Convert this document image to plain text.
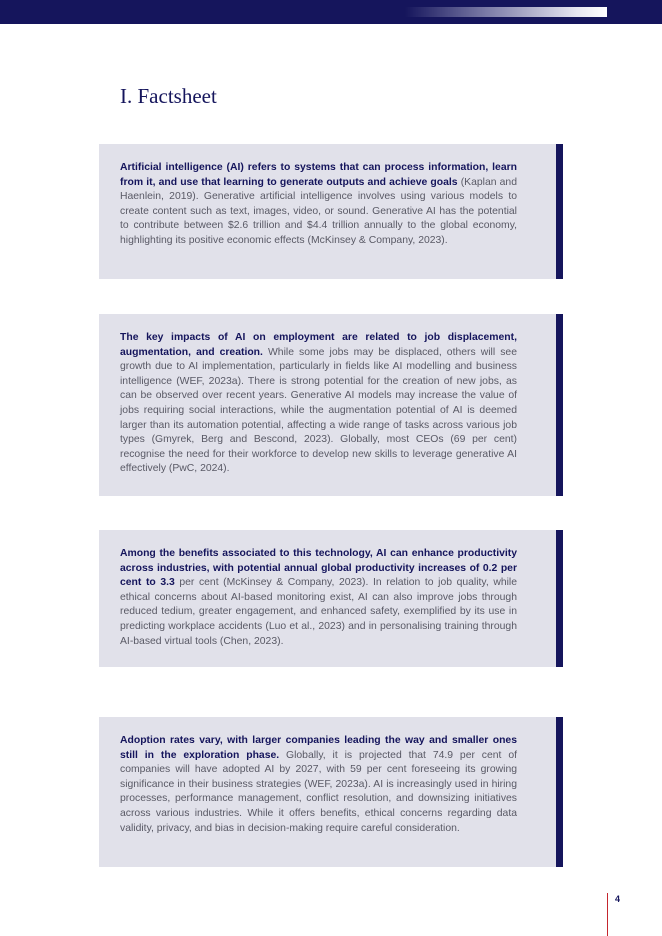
I. Factsheet

Artificial intelligence (AI) refers to systems that can process information, learn from it, and use that learning to generate outputs and achieve goals (Kaplan and Haenlein, 2019). Generative artificial intelligence involves using various models to create content such as text, images, video, or sound. Generative AI has the potential to contribute between $2.6 trillion and $4.4 trillion annually to the global economy, highlighting its positive economic effects (McKinsey & Company, 2023).

The key impacts of AI on employment are related to job displacement, augmentation, and creation. While some jobs may be displaced, others will see growth due to AI implementation, particularly in fields like AI modelling and business intelligence (WEF, 2023a). There is strong potential for the creation of new jobs, as can be observed over recent years. Generative AI models may increase the value of jobs requiring social interactions, while the augmentation potential of AI is deemed larger than its automation potential, affecting a wide range of tasks across various job types (Gmyrek, Berg and Bescond, 2023). Globally, most CEOs (69 per cent) recognise the need for their workforce to develop new skills to leverage generative AI effectively (PwC, 2024).

Among the benefits associated to this technology, AI can enhance productivity across industries, with potential annual global productivity increases of 0.2 per cent to 3.3 per cent (McKinsey & Company, 2023). In relation to job quality, while ethical concerns about AI-based monitoring exist, AI can also improve jobs through reduced tedium, greater engagement, and enhanced safety, exemplified by its use in predicting workplace accidents (Luo et al., 2023) and in personalising training through AI-based virtual tools (Chen, 2023).

Adoption rates vary, with larger companies leading the way and smaller ones still in the exploration phase. Globally, it is projected that 74.9 per cent of companies will have adopted AI by 2027, with 59 per cent foreseeing its growing significance in their business strategies (WEF, 2023a). AI is increasingly used in hiring processes, performance management, conflict resolution, and downsizing initiatives across various industries. While it offers benefits, ethical concerns regarding data validity, privacy, and bias in decision-making require careful consideration.

4
